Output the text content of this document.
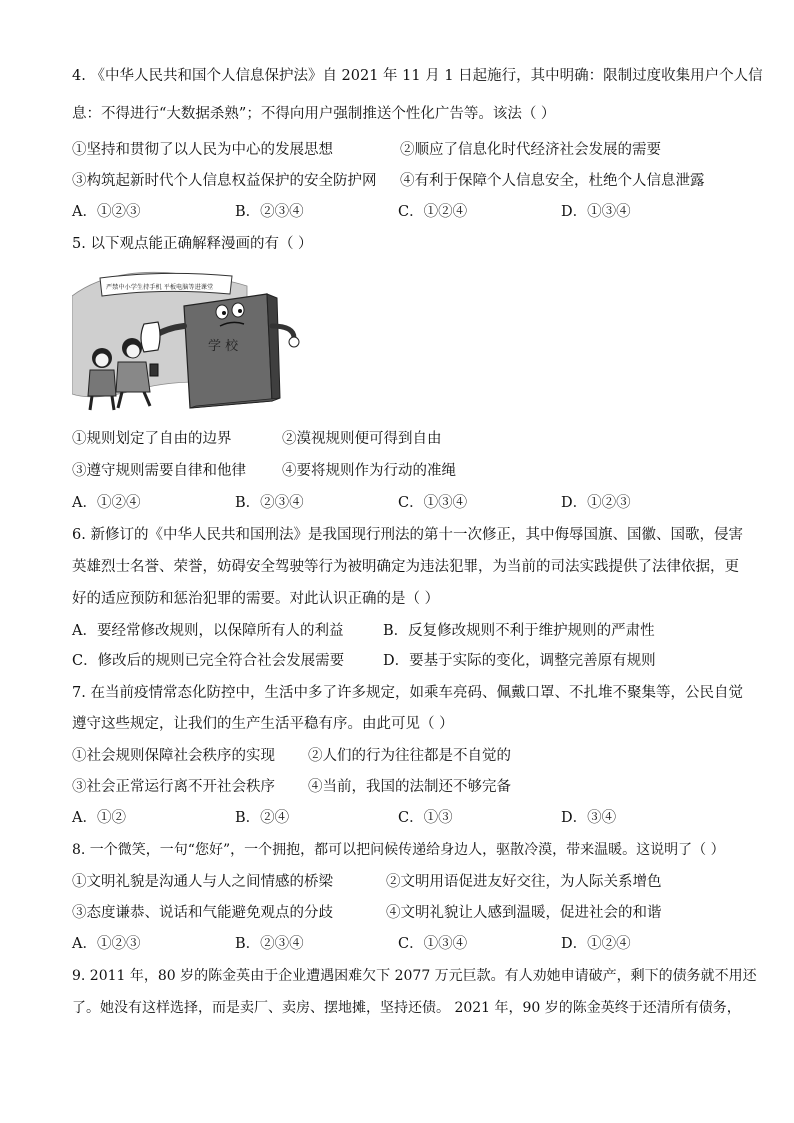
4. 《中华人民共和国个人信息保护法》自 2021 年 11 月 1 日起施行，其中明确：限制过度收集用户个人信
息：不得进行“大数据杀熟”；不得向用户强制推送个性化广告等。该法（ ）
①坚持和贯彻了以人民为中心的发展思想	②顺应了信息化时代经济社会发展的需要
③构筑起新时代个人信息权益保护的安全防护网 ④有利于保障个人信息安全，杜绝个人信息泄露
A．①②③	B．②③④	C．①②④	D．①③④
5. 以下观点能正确解释漫画的有（ ）
严禁中小学生持手机 平板电脑等进课堂
学 校
①规则划定了自由的边界	②漠视规则便可得到自由
③遵守规则需要自律和他律 ④要将规则作为行动的准绳
A．①②④	B．②③④	C．①③④	D．①②③
6. 新修订的《中华人民共和国刑法》是我国现行刑法的第十一次修正，其中侮辱国旗、国徽、国歌，侵害
英雄烈士名誉、荣誉，妨碍安全驾驶等行为被明确定为违法犯罪，为当前的司法实践提供了法律依据，更
好的适应预防和惩治犯罪的需要。对此认识正确的是（ ）
A．要经常修改规则，以保障所有人的利益	B．反复修改规则不利于维护规则的严肃性
C．修改后的规则已完全符合社会发展需要	D．要基于实际的变化，调整完善原有规则
7. 在当前疫情常态化防控中，生活中多了许多规定，如乘车亮码、佩戴口罩、不扎堆不聚集等，公民自觉
遵守这些规定，让我们的生产生活平稳有序。由此可见（ ）
①社会规则保障社会秩序的实现 ②人们的行为往往都是不自觉的
③社会正常运行离不开社会秩序 ④当前，我国的法制还不够完备
A．①②	B．②④	C．①③	D．③④
8. 一个微笑，一句“您好”，一个拥抱，都可以把问候传递给身边人，驱散冷漠，带来温暖。这说明了（ ）
①文明礼貌是沟通人与人之间情感的桥梁	②文明用语促进友好交往，为人际关系增色
③态度谦恭、说话和气能避免观点的分歧	④文明礼貌让人感到温暖，促进社会的和谐
A．①②③	B．②③④	C．①③④	D．①②④
9. 2011 年，80 岁的陈金英由于企业遭遇困难欠下 2077 万元巨款。有人劝她申请破产，剩下的债务就不用还
了。她没有这样选择，而是卖厂、卖房、摆地摊，坚持还债。 2021 年，90 岁的陈金英终于还清所有债务，
